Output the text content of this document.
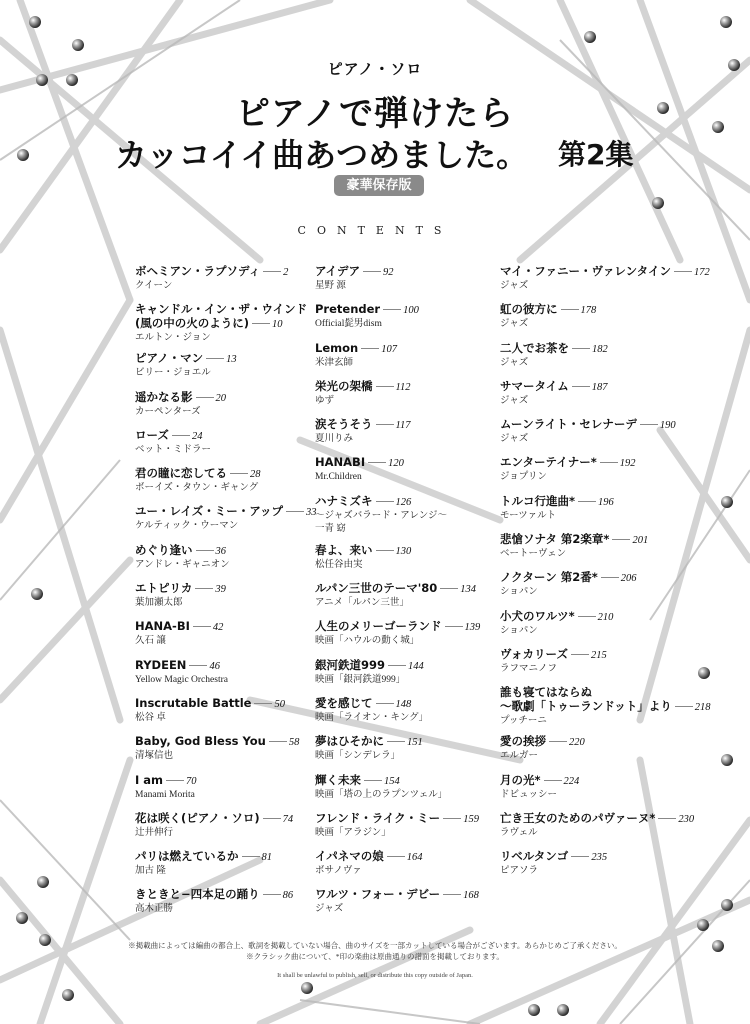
ピアノ・ソロ
ピアノで弾けたら
カッコイイ曲あつめました。 第2集
豪華保存版
CONTENTS
ボヘミアン・ラプソディ 2
クイーン
キャンドル・イン・ザ・ウインド
(風の中の火のように) 10
エルトン・ジョン
ピアノ・マン 13
ビリー・ジョエル
遥かなる影 20
カーペンターズ
ローズ 24
ベット・ミドラー
君の瞳に恋してる 28
ボーイズ・タウン・ギャング
ユー・レイズ・ミー・アップ 33
ケルティック・ウーマン
めぐり逢い 36
アンドレ・ギャニオン
エトピリカ 39
葉加瀬太郎
HANA-BI 42
久石 譲
RYDEEN 46
Yellow Magic Orchestra
Inscrutable Battle 50
松谷 卓
Baby, God Bless You 58
清塚信也
I am 70
Manami Morita
花は咲く(ピアノ・ソロ) 74
辻井伸行
パリは燃えているか 81
加古 隆
きときと−四本足の踊り 86
高木正勝
アイデア 92
星野 源
Pretender 100
Official髭男dism
Lemon 107
米津玄師
栄光の架橋 112
ゆず
涙そうそう 117
夏川りみ
HANABI 120
Mr.Children
ハナミズキ 126
〜ジャズバラード・アレンジ〜
一青 窈
春よ、来い 130
松任谷由実
ルパン三世のテーマ'80 134
アニメ「ルパン三世」
人生のメリーゴーランド 139
映画「ハウルの動く城」
銀河鉄道999 144
映画「銀河鉄道999」
愛を感じて 148
映画「ライオン・キング」
夢はひそかに 151
映画「シンデレラ」
輝く未来 154
映画「塔の上のラプンツェル」
フレンド・ライク・ミー 159
映画「アラジン」
イパネマの娘 164
ボサノヴァ
ワルツ・フォー・デビー 168
ジャズ
マイ・ファニー・ヴァレンタイン 172
ジャズ
虹の彼方に 178
ジャズ
二人でお茶を 182
ジャズ
サマータイム 187
ジャズ
ムーンライト・セレナーデ 190
ジャズ
エンターテイナー* 192
ジョプリン
トルコ行進曲* 196
モーツァルト
悲愴ソナタ 第2楽章* 201
ベートーヴェン
ノクターン 第2番* 206
ショパン
小犬のワルツ* 210
ショパン
ヴォカリーズ 215
ラフマニノフ
誰も寝てはならぬ
〜歌劇「トゥーランドット」より 218
プッチーニ
愛の挨拶 220
エルガー
月の光* 224
ドビュッシー
亡き王女のためのパヴァーヌ* 230
ラヴェル
リベルタンゴ 235
ピアソラ
※掲載曲によっては編曲の都合上、歌詞を掲載していない場合、曲のサイズを一部カットしている場合がございます。あらかじめご了承ください。
※クラシック曲について、*印の楽曲は原曲通りの譜面を掲載しております。
It shall be unlawful to publish, sell, or distribute this copy outside of Japan.
